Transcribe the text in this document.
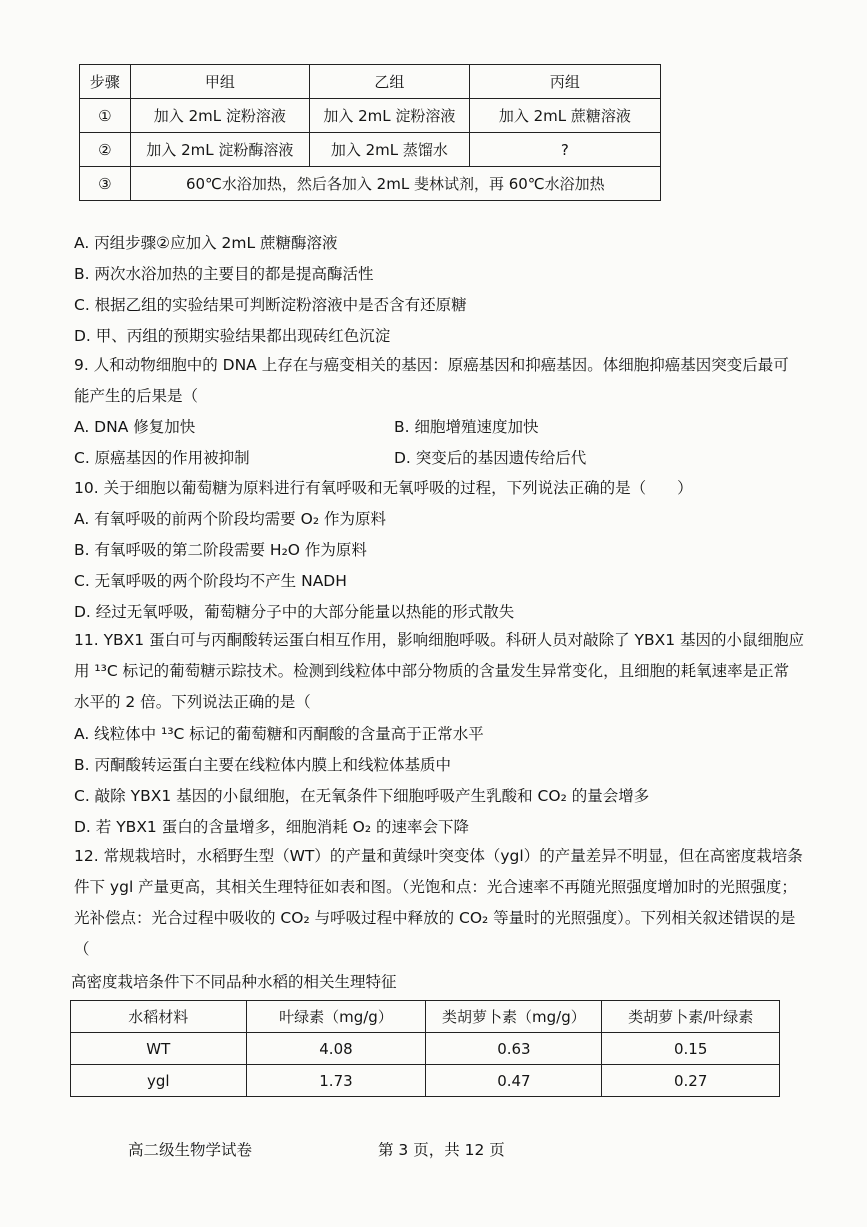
步骤	甲组	乙组	丙组
①	加入 2mL 淀粉溶液	加入 2mL 淀粉溶液	加入 2mL 蔗糖溶液
②	加入 2mL 淀粉酶溶液	加入 2mL 蒸馏水	?
③	60℃水浴加热，然后各加入 2mL 斐林试剂，再 60℃水浴加热		
A. 丙组步骤②应加入 2mL 蔗糖酶溶液
B. 两次水浴加热的主要目的都是提高酶活性
C. 根据乙组的实验结果可判断淀粉溶液中是否含有还原糖
D. 甲、丙组的预期实验结果都出现砖红色沉淀
9. 人和动物细胞中的 DNA 上存在与癌变相关的基因：原癌基因和抑癌基因。体细胞抑癌基因突变后最可
能产生的后果是（
A. DNA 修复加快	B. 细胞增殖速度加快
C. 原癌基因的作用被抑制	D. 突变后的基因遗传给后代
10. 关于细胞以葡萄糖为原料进行有氧呼吸和无氧呼吸的过程，下列说法正确的是（　　）
A. 有氧呼吸的前两个阶段均需要 O₂ 作为原料
B. 有氧呼吸的第二阶段需要 H₂O 作为原料
C. 无氧呼吸的两个阶段均不产生 NADH
D. 经过无氧呼吸，葡萄糖分子中的大部分能量以热能的形式散失
11. YBX1 蛋白可与丙酮酸转运蛋白相互作用，影响细胞呼吸。科研人员对敲除了 YBX1 基因的小鼠细胞应
用 ¹³C 标记的葡萄糖示踪技术。检测到线粒体中部分物质的含量发生异常变化，且细胞的耗氧速率是正常
水平的 2 倍。下列说法正确的是（
A. 线粒体中 ¹³C 标记的葡萄糖和丙酮酸的含量高于正常水平
B. 丙酮酸转运蛋白主要在线粒体内膜上和线粒体基质中
C. 敲除 YBX1 基因的小鼠细胞，在无氧条件下细胞呼吸产生乳酸和 CO₂ 的量会增多
D. 若 YBX1 蛋白的含量增多，细胞消耗 O₂ 的速率会下降
12. 常规栽培时，水稻野生型（WT）的产量和黄绿叶突变体（ygl）的产量差异不明显，但在高密度栽培条
件下 ygl 产量更高，其相关生理特征如表和图。（光饱和点：光合速率不再随光照强度增加时的光照强度；
光补偿点：光合过程中吸收的 CO₂ 与呼吸过程中释放的 CO₂ 等量时的光照强度）。下列相关叙述错误的是
（
高密度栽培条件下不同品种水稻的相关生理特征
水稻材料	叶绿素（mg/g）	类胡萝卜素（mg/g）	类胡萝卜素/叶绿素
WT	4.08	0.63	0.15
ygl	1.73	0.47	0.27
高二级生物学试卷	第 3 页，共 12 页
